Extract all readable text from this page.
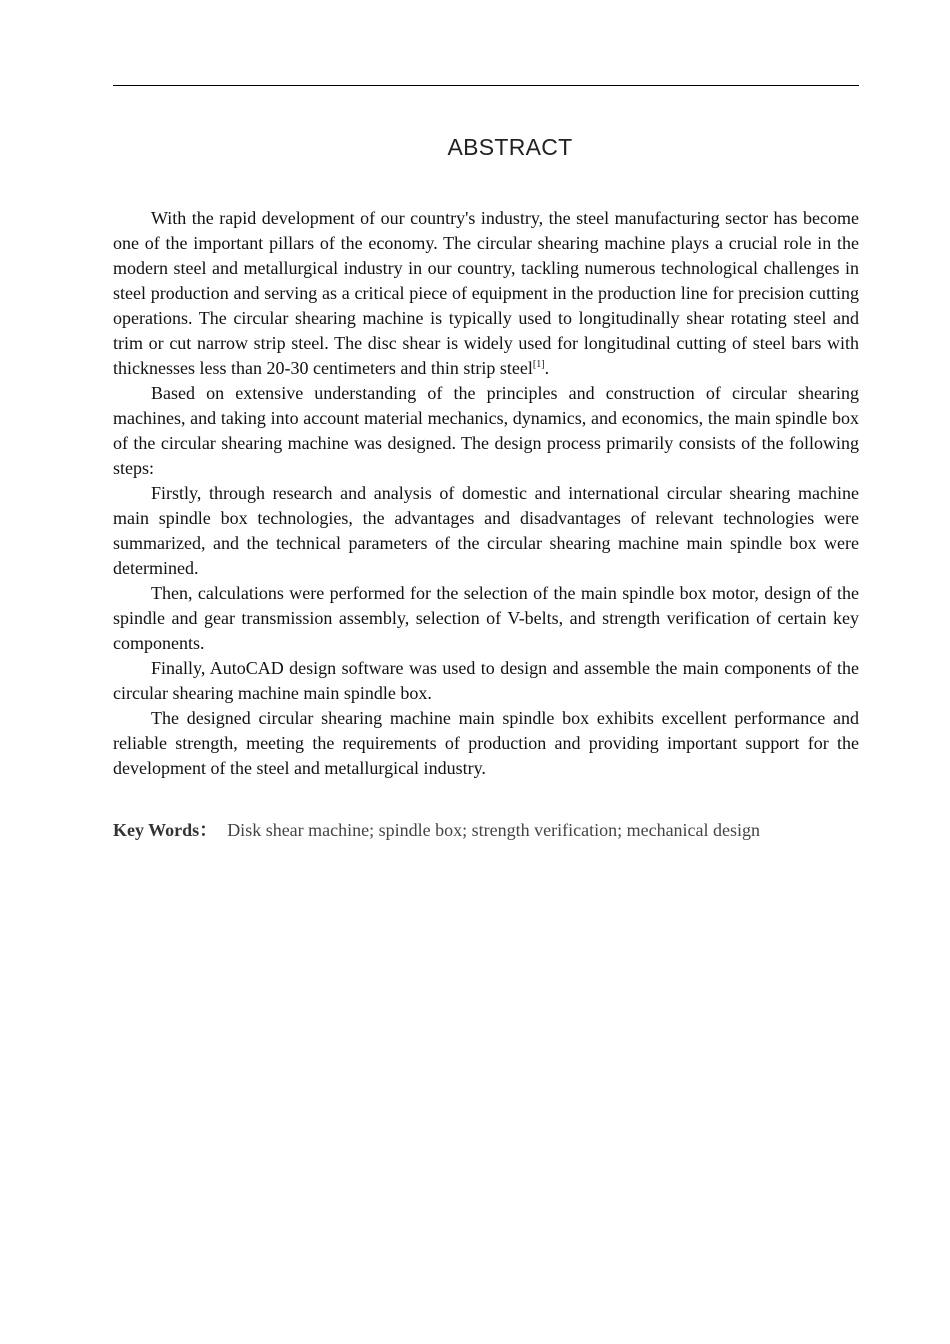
ABSTRACT

With the rapid development of our country's industry, the steel manufacturing sector has become one of the important pillars of the economy. The circular shearing machine plays a crucial role in the modern steel and metallurgical industry in our country, tackling numerous technological challenges in steel production and serving as a critical piece of equipment in the production line for precision cutting operations. The circular shearing machine is typically used to longitudinally shear rotating steel and trim or cut narrow strip steel. The disc shear is widely used for longitudinal cutting of steel bars with thicknesses less than 20-30 centimeters and thin strip steel[1].

Based on extensive understanding of the principles and construction of circular shearing machines, and taking into account material mechanics, dynamics, and economics, the main spindle box of the circular shearing machine was designed. The design process primarily consists of the following steps:

Firstly, through research and analysis of domestic and international circular shearing machine main spindle box technologies, the advantages and disadvantages of relevant technologies were summarized, and the technical parameters of the circular shearing machine main spindle box were determined.

Then, calculations were performed for the selection of the main spindle box motor, design of the spindle and gear transmission assembly, selection of V-belts, and strength verification of certain key components.

Finally, AutoCAD design software was used to design and assemble the main components of the circular shearing machine main spindle box.

The designed circular shearing machine main spindle box exhibits excellent performance and reliable strength, meeting the requirements of production and providing important support for the development of the steel and metallurgical industry.

Key Words： Disk shear machine; spindle box; strength verification; mechanical design
